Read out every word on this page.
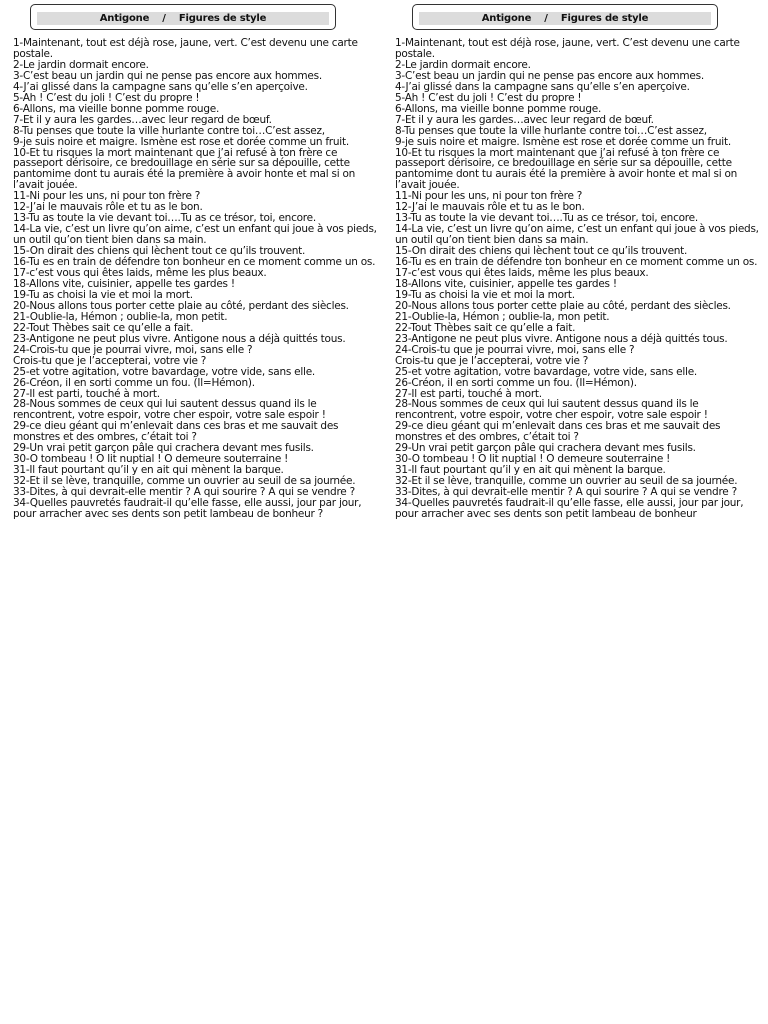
Antigone    /    Figures de style
1-Maintenant, tout est déjà rose, jaune, vert. C’est devenu une carte postale.
2-Le jardin dormait encore.
3-C’est beau un jardin qui ne pense pas encore aux hommes.
4-J’ai glissé dans la campagne sans qu’elle s’en aperçoive.
5-Ah ! C’est du joli ! C’est du propre !
6-Allons, ma vieille bonne pomme rouge.
7-Et il y aura les gardes…avec leur regard de bœuf.
8-Tu penses que toute la ville hurlante contre toi…C’est assez,
9-je suis noire et maigre. Ismène est rose et dorée comme un fruit.
10-Et tu risques la mort maintenant que j’ai refusé à ton frère ce passeport dérisoire, ce bredouillage en série sur sa dépouille, cette pantomime dont tu aurais été la première à avoir honte et mal si on l’avait jouée.
11-Ni pour les uns, ni pour ton frère ?
12-J’ai le mauvais rôle et tu as le bon.
13-Tu as toute la vie devant toi….Tu as ce trésor, toi, encore.
14-La vie, c’est un livre qu’on aime, c’est un enfant qui joue à vos pieds, un outil qu’on tient bien dans sa main.
15-On dirait des chiens qui lèchent tout ce qu’ils trouvent.
16-Tu es en train de défendre ton bonheur en ce moment comme un os.
17-c’est vous qui êtes laids, même les plus beaux.
18-Allons vite, cuisinier, appelle tes gardes !
19-Tu as choisi la vie et moi la mort.
20-Nous allons tous porter cette plaie au côté, perdant des siècles.
21-Oublie-la, Hémon ; oublie-la, mon petit.
22-Tout Thèbes sait ce qu’elle a fait.
23-Antigone ne peut plus vivre. Antigone nous a déjà quittés tous.
24-Crois-tu que je pourrai vivre, moi, sans elle ?
Crois-tu que je l’accepterai, votre vie ?
25-et votre agitation, votre bavardage, votre vide, sans elle.
26-Créon, il en sorti comme un fou. (Il=Hémon).
27-Il est parti, touché à mort.
28-Nous sommes de ceux qui lui sautent dessus quand ils le rencontrent, votre espoir, votre cher espoir, votre sale espoir !
29-ce dieu géant qui m’enlevait dans ces bras et me sauvait des monstres et des ombres, c’était toi ?
29-Un vrai petit garçon pâle qui crachera devant mes fusils.
30-O tombeau ! O lit nuptial ! O demeure souterraine !
31-Il faut pourtant qu’il y en ait qui mènent la barque.
32-Et il se lève, tranquille, comme un ouvrier au seuil de sa journée.
33-Dites, à qui devrait-elle mentir ? A qui sourire ? A qui se vendre ?
34-Quelles pauvretés faudrait-il qu’elle fasse, elle aussi, jour par jour, pour arracher avec ses dents son petit lambeau de bonheur ?
Antigone    /    Figures de style
1-Maintenant, tout est déjà rose, jaune, vert. C’est devenu une carte postale.
2-Le jardin dormait encore.
3-C’est beau un jardin qui ne pense pas encore aux hommes.
4-J’ai glissé dans la campagne sans qu’elle s’en aperçoive.
5-Ah ! C’est du joli ! C’est du propre !
6-Allons, ma vieille bonne pomme rouge.
7-Et il y aura les gardes…avec leur regard de bœuf.
8-Tu penses que toute la ville hurlante contre toi…C’est assez,
9-je suis noire et maigre. Ismène est rose et dorée comme un fruit.
10-Et tu risques la mort maintenant que j’ai refusé à ton frère ce passeport dérisoire, ce bredouillage en série sur sa dépouille, cette pantomime dont tu aurais été la première à avoir honte et mal si on l’avait jouée.
11-Ni pour les uns, ni pour ton frère ?
12-J’ai le mauvais rôle et tu as le bon.
13-Tu as toute la vie devant toi….Tu as ce trésor, toi, encore.
14-La vie, c’est un livre qu’on aime, c’est un enfant qui joue à vos pieds, un outil qu’on tient bien dans sa main.
15-On dirait des chiens qui lèchent tout ce qu’ils trouvent.
16-Tu es en train de défendre ton bonheur en ce moment comme un os.
17-c’est vous qui êtes laids, même les plus beaux.
18-Allons vite, cuisinier, appelle tes gardes !
19-Tu as choisi la vie et moi la mort.
20-Nous allons tous porter cette plaie au côté, perdant des siècles.
21-Oublie-la, Hémon ; oublie-la, mon petit.
22-Tout Thèbes sait ce qu’elle a fait.
23-Antigone ne peut plus vivre. Antigone nous a déjà quittés tous.
24-Crois-tu que je pourrai vivre, moi, sans elle ?
Crois-tu que je l’accepterai, votre vie ?
25-et votre agitation, votre bavardage, votre vide, sans elle.
26-Créon, il en sorti comme un fou. (Il=Hémon).
27-Il est parti, touché à mort.
28-Nous sommes de ceux qui lui sautent dessus quand ils le rencontrent, votre espoir, votre cher espoir, votre sale espoir !
29-ce dieu géant qui m’enlevait dans ces bras et me sauvait des monstres et des ombres, c’était toi ?
29-Un vrai petit garçon pâle qui crachera devant mes fusils.
30-O tombeau ! O lit nuptial ! O demeure souterraine !
31-Il faut pourtant qu’il y en ait qui mènent la barque.
32-Et il se lève, tranquille, comme un ouvrier au seuil de sa journée.
33-Dites, à qui devrait-elle mentir ? A qui sourire ? A qui se vendre ?
34-Quelles pauvretés faudrait-il qu’elle fasse, elle aussi, jour par jour, pour arracher avec ses dents son petit lambeau de bonheur
